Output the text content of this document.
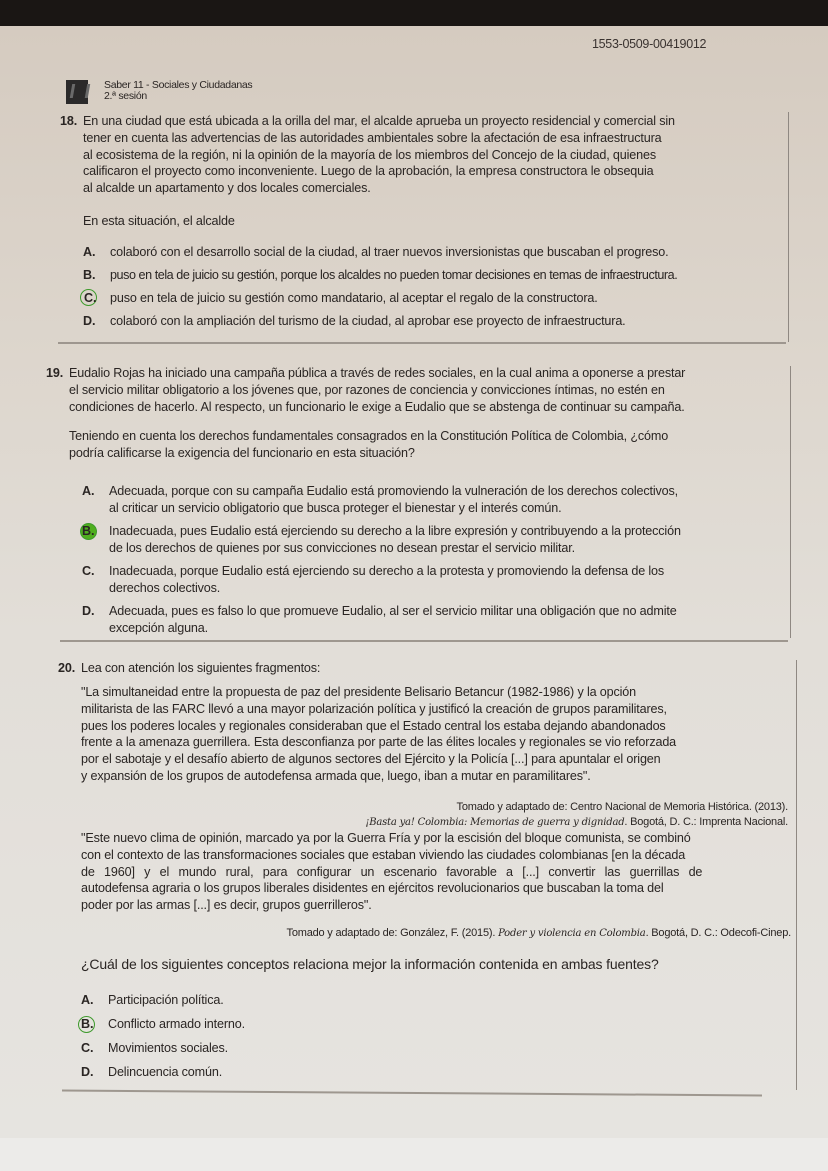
1553-0509-00419012
Saber 11 - Sociales y Ciudadanas
2.ª sesión
18. En una ciudad que está ubicada a la orilla del mar, el alcalde aprueba un proyecto residencial y comercial sin
tener en cuenta las advertencias de las autoridades ambientales sobre la afectación de esa infraestructura
al ecosistema de la región, ni la opinión de la mayoría de los miembros del Concejo de la ciudad, quienes
calificaron el proyecto como inconveniente. Luego de la aprobación, la empresa constructora le obsequia
al alcalde un apartamento y dos locales comerciales.
En esta situación, el alcalde
A. colaboró con el desarrollo social de la ciudad, al traer nuevos inversionistas que buscaban el progreso.
B. puso en tela de juicio su gestión, porque los alcaldes no pueden tomar decisiones en temas de infraestructura.
C. puso en tela de juicio su gestión como mandatario, al aceptar el regalo de la constructora.
D. colaboró con la ampliación del turismo de la ciudad, al aprobar ese proyecto de infraestructura.
19. Eudalio Rojas ha iniciado una campaña pública a través de redes sociales, en la cual anima a oponerse a prestar
el servicio militar obligatorio a los jóvenes que, por razones de conciencia y convicciones íntimas, no estén en
condiciones de hacerlo. Al respecto, un funcionario le exige a Eudalio que se abstenga de continuar su campaña.
Teniendo en cuenta los derechos fundamentales consagrados en la Constitución Política de Colombia, ¿cómo
podría calificarse la exigencia del funcionario en esta situación?
A. Adecuada, porque con su campaña Eudalio está promoviendo la vulneración de los derechos colectivos,
al criticar un servicio obligatorio que busca proteger el bienestar y el interés común.
B. Inadecuada, pues Eudalio está ejerciendo su derecho a la libre expresión y contribuyendo a la protección
de los derechos de quienes por sus convicciones no desean prestar el servicio militar.
C. Inadecuada, porque Eudalio está ejerciendo su derecho a la protesta y promoviendo la defensa de los
derechos colectivos.
D. Adecuada, pues es falso lo que promueve Eudalio, al ser el servicio militar una obligación que no admite
excepción alguna.
20. Lea con atención los siguientes fragmentos:
"La simultaneidad entre la propuesta de paz del presidente Belisario Betancur (1982-1986) y la opción
militarista de las FARC llevó a una mayor polarización política y justificó la creación de grupos paramilitares,
pues los poderes locales y regionales consideraban que el Estado central los estaba dejando abandonados
frente a la amenaza guerrillera. Esta desconfianza por parte de las élites locales y regionales se vio reforzada
por el sabotaje y el desafío abierto de algunos sectores del Ejército y la Policía [...] para apuntalar el origen
y expansión de los grupos de autodefensa armada que, luego, iban a mutar en paramilitares".
Tomado y adaptado de: Centro Nacional de Memoria Histórica. (2013).
¡Basta ya! Colombia: Memorias de guerra y dignidad. Bogotá, D. C.: Imprenta Nacional.
"Este nuevo clima de opinión, marcado ya por la Guerra Fría y por la escisión del bloque comunista, se combinó
con el contexto de las transformaciones sociales que estaban viviendo las ciudades colombianas [en la década
de 1960] y el mundo rural, para configurar un escenario favorable a [...] convertir las guerrillas de
autodefensa agraria o los grupos liberales disidentes en ejércitos revolucionarios que buscaban la toma del
poder por las armas [...] es decir, grupos guerrilleros".
Tomado y adaptado de: González, F. (2015). Poder y violencia en Colombia. Bogotá, D. C.: Odecofi-Cinep.
¿Cuál de los siguientes conceptos relaciona mejor la información contenida en ambas fuentes?
A. Participación política.
B. Conflicto armado interno.
C. Movimientos sociales.
D. Delincuencia común.
